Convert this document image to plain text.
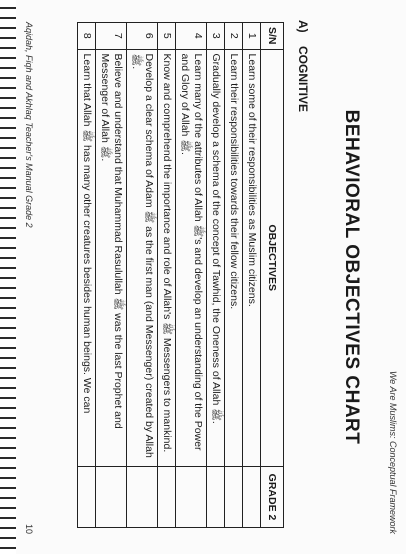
We Are Muslims: Conceptual Framework
BEHAVIORAL OBJECTIVES CHART
A) COGNITIVE
S/N	OBJECTIVES	GRADE 2
1	Learn some of their responsibilities as Muslim citizens.	
2	Learn their responsibilities towards their fellow citizens.	
3	Gradually develop a schema of the concept of Tawhid, the Oneness of Allah ﷺ.	
4	Learn many of the attributes of Allah ﷺ's and develop an understanding of the Power and Glory of Allah ﷺ.	
5	Know and comprehend the importance and role of Allah's ﷺ Messengers to mankind.	
6	Develop a clear schema of Adam ﷺ as the first man (and Messenger) created by Allah ﷺ.	
7	Believe and understand that Muhammad Rasulullah ﷺ was the last Prophet and Messenger of Allah ﷺ.	
8	Learn that Allah ﷺ has many other creatures besides human beings. We can	
Aqidah, Fiqh and Akhlaq Teacher's Manual Grade 2
10
